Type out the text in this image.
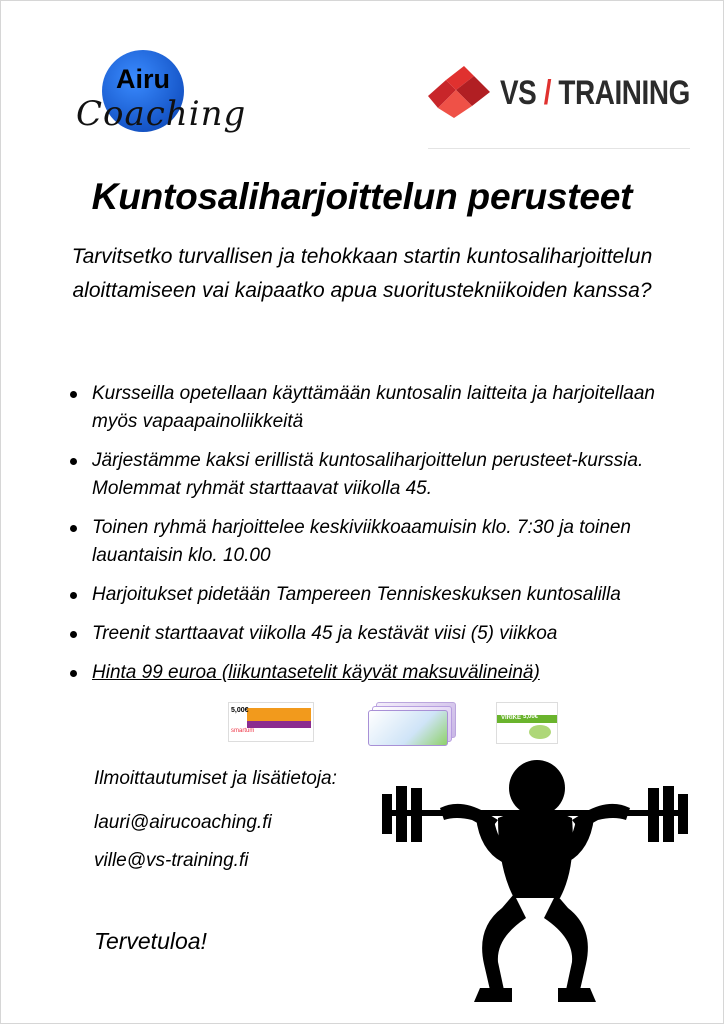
Airu
Coaching
VS / TRAINING
Kuntosaliharjoittelun perusteet
Tarvitsetko turvallisen ja tehokkaan startin kuntosaliharjoittelun aloittamiseen vai kaipaatko apua suoritustekniikoiden kanssa?
Kursseilla opetellaan käyttämään kuntosalin laitteita ja harjoitellaan myös vapaapainoliikkeitä
Järjestämme kaksi erillistä kuntosaliharjoittelun perusteet-kurssia. Molemmat ryhmät starttaavat viikolla 45.
Toinen ryhmä harjoittelee keskiviikkoaamuisin klo. 7:30 ja toinen lauantaisin klo. 10.00
Harjoitukset pidetään Tampereen Tenniskeskuksen kuntosalilla
Treenit starttaavat viikolla 45 ja kestävät viisi (5) viikkoa
Hinta 99 euroa (liikuntasetelit käyvät maksuvälineinä)
5,00€
smartum
VIRIKE 5,00€
Ilmoittautumiset ja lisätietoja:
lauri@airucoaching.fi
ville@vs-training.fi
Tervetuloa!
